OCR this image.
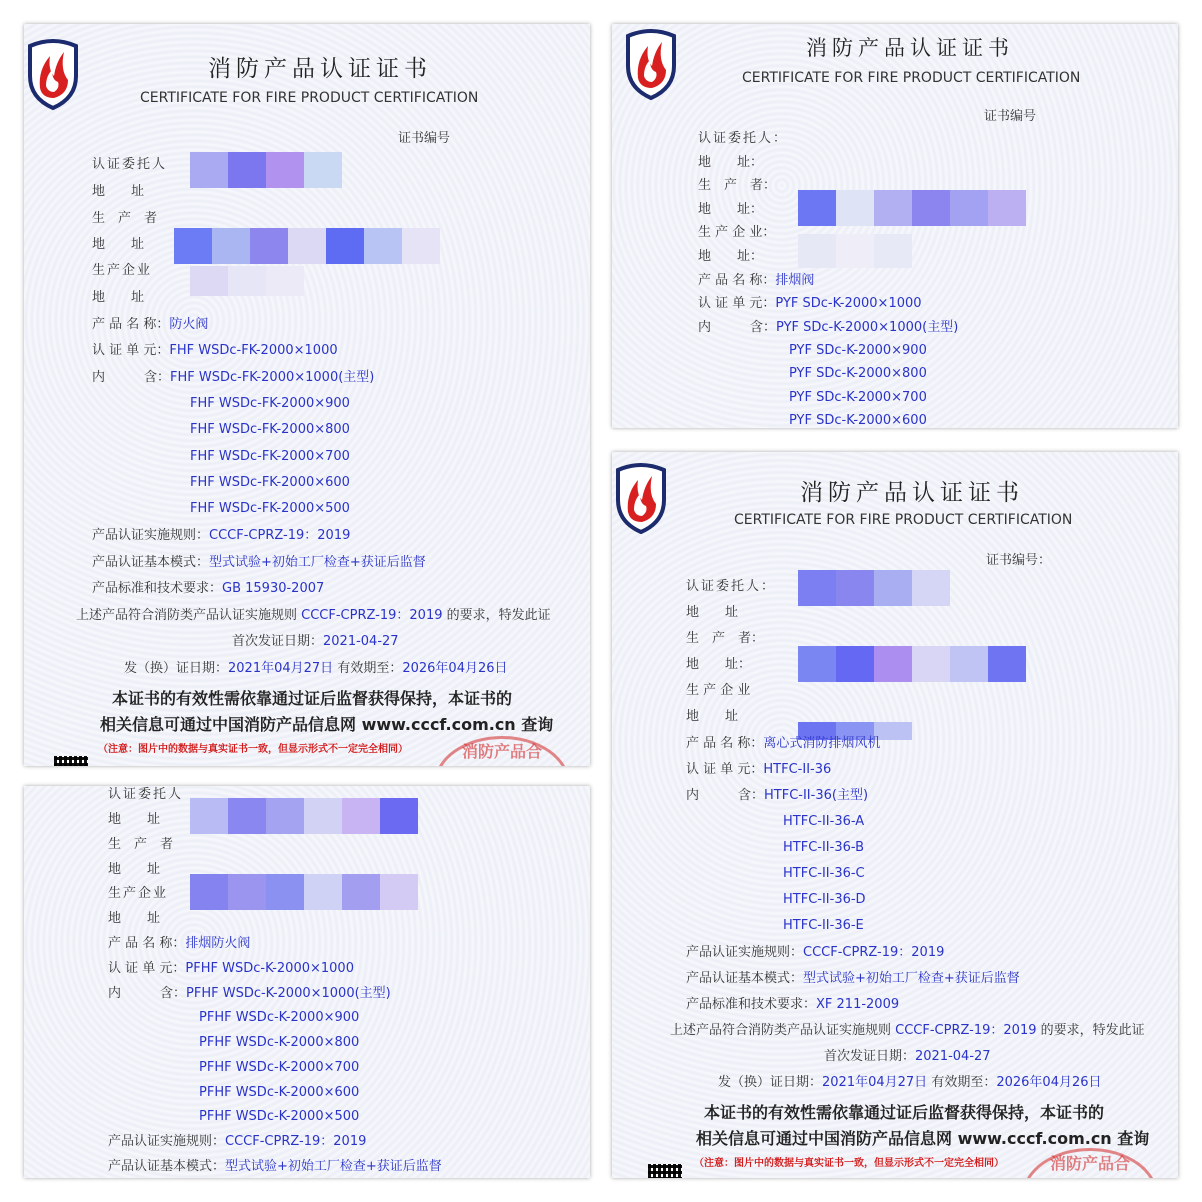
消防产品认证证书
CERTIFICATE FOR FIRE PRODUCT CERTIFICATION
证书编号
认证委托人
地　　址
生　产　者
地　　址
生产企业
地　　址
产 品 名 称：防火阀
认 证 单 元：FHF WSDc-FK-2000×1000
内　　　含：FHF WSDc-FK-2000×1000(主型)
FHF WSDc-FK-2000×900
FHF WSDc-FK-2000×800
FHF WSDc-FK-2000×700
FHF WSDc-FK-2000×600
FHF WSDc-FK-2000×500
产品认证实施规则：CCCF-CPRZ-19：2019
产品认证基本模式：型式试验+初始工厂检查+获证后监督
产品标准和技术要求：GB 15930-2007
上述产品符合消防类产品认证实施规则 CCCF-CPRZ-19：2019 的要求，特发此证
首次发证日期：2021-04-27
发（换）证日期：2021年04月27日 有效期至：2026年04月26日
本证书的有效性需依靠通过证后监督获得保持，本证书的
相关信息可通过中国消防产品信息网 www.cccf.com.cn 查询
（注意：图片中的数据与真实证书一致，但显示形式不一定完全相同）	消防产品合
消防产品认证证书
CERTIFICATE FOR FIRE PRODUCT CERTIFICATION
证书编号
认证委托人：
地　　址：
生　产　者：
地　　址：
生 产 企 业：
地　　址：
产 品 名 称：排烟阀
认 证 单 元：PYF SDc-K-2000×1000
内　　　含：PYF SDc-K-2000×1000(主型)
PYF SDc-K-2000×900
PYF SDc-K-2000×800
PYF SDc-K-2000×700
PYF SDc-K-2000×600
认证委托人
地　　址
生　产　者
地　　址
生产企业
地　　址
产 品 名 称：排烟防火阀
认 证 单 元：PFHF WSDc-K-2000×1000
内　　　含：PFHF WSDc-K-2000×1000(主型)
PFHF WSDc-K-2000×900
PFHF WSDc-K-2000×800
PFHF WSDc-K-2000×700
PFHF WSDc-K-2000×600
PFHF WSDc-K-2000×500
产品认证实施规则：CCCF-CPRZ-19：2019
产品认证基本模式：型式试验+初始工厂检查+获证后监督
消防产品认证证书
CERTIFICATE FOR FIRE PRODUCT CERTIFICATION
证书编号：
认证委托人：
地　　址
生　产　者：
地　　址：
生 产 企 业
地　　址
产 品 名 称：离心式消防排烟风机
认 证 单 元：HTFC-II-36
内　　　含：HTFC-II-36(主型)
HTFC-II-36-A
HTFC-II-36-B
HTFC-II-36-C
HTFC-II-36-D
HTFC-II-36-E
产品认证实施规则：CCCF-CPRZ-19：2019
产品认证基本模式：型式试验+初始工厂检查+获证后监督
产品标准和技术要求：XF 211-2009
上述产品符合消防类产品认证实施规则 CCCF-CPRZ-19：2019 的要求，特发此证
首次发证日期：2021-04-27
发（换）证日期：2021年04月27日 有效期至：2026年04月26日
本证书的有效性需依靠通过证后监督获得保持，本证书的
相关信息可通过中国消防产品信息网 www.cccf.com.cn 查询
（注意：图片中的数据与真实证书一致，但显示形式不一定完全相同）	消防产品合
